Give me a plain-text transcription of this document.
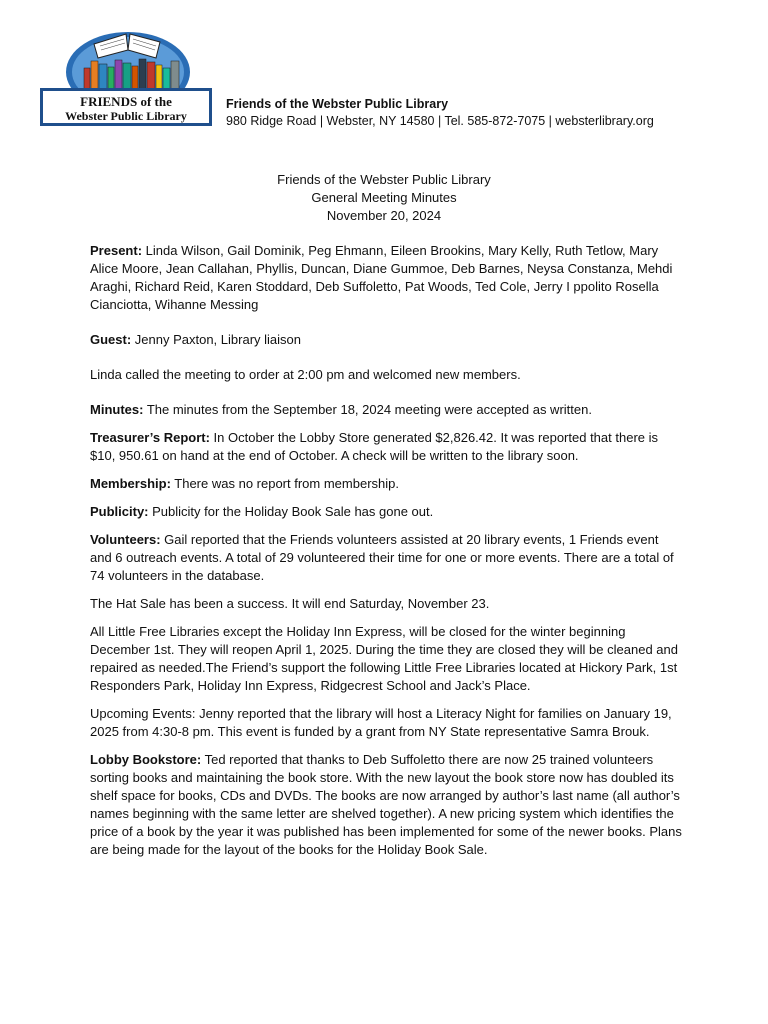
FRIENDS of the
Webster Public Library
Friends of the Webster Public Library
980 Ridge Road | Webster, NY 14580 | Tel. 585-872-7075 | websterlibrary.org
Friends of the Webster Public Library
General Meeting Minutes
November 20, 2024

Present: Linda Wilson, Gail Dominik, Peg Ehmann, Eileen Brookins, Mary Kelly, Ruth Tetlow, Mary Alice Moore, Jean Callahan, Phyllis, Duncan, Diane Gummoe, Deb Barnes, Neysa Constanza, Mehdi Araghi, Richard Reid, Karen Stoddard, Deb Suffoletto, Pat Woods, Ted Cole, Jerry I ppolito Rosella Cianciotta, Wihanne Messing

Guest: Jenny Paxton, Library liaison

Linda called the meeting to order at 2:00 pm and welcomed new members.

Minutes: The minutes from the September 18, 2024 meeting were accepted as written.

Treasurer’s Report: In October the Lobby Store generated $2,826.42. It was reported that there is $10, 950.61 on hand at the end of October. A check will be written to the library soon.

Membership: There was no report from membership.

Publicity: Publicity for the Holiday Book Sale has gone out.

Volunteers: Gail reported that the Friends volunteers assisted at 20 library events, 1 Friends event and 6 outreach events. A total of 29 volunteered their time for one or more events. There are a total of 74 volunteers in the database.

The Hat Sale has been a success. It will end Saturday, November 23.

All Little Free Libraries except the Holiday Inn Express, will be closed for the winter beginning December 1st. They will reopen April 1, 2025. During the time they are closed they will be cleaned and repaired as needed.The Friend’s support the following Little Free Libraries located at Hickory Park, 1st Responders Park, Holiday Inn Express, Ridgecrest School and Jack’s Place.

Upcoming Events: Jenny reported that the library will host a Literacy Night for families on January 19, 2025 from 4:30-8 pm. This event is funded by a grant from NY State representative Samra Brouk.

Lobby Bookstore: Ted reported that thanks to Deb Suffoletto there are now 25 trained volunteers sorting books and maintaining the book store. With the new layout the book store now has doubled its shelf space for books, CDs and DVDs. The books are now arranged by author’s last name (all author’s names beginning with the same letter are shelved together). A new pricing system which identifies the price of a book by the year it was published has been implemented for some of the newer books. Plans are being made for the layout of the books for the Holiday Book Sale.
